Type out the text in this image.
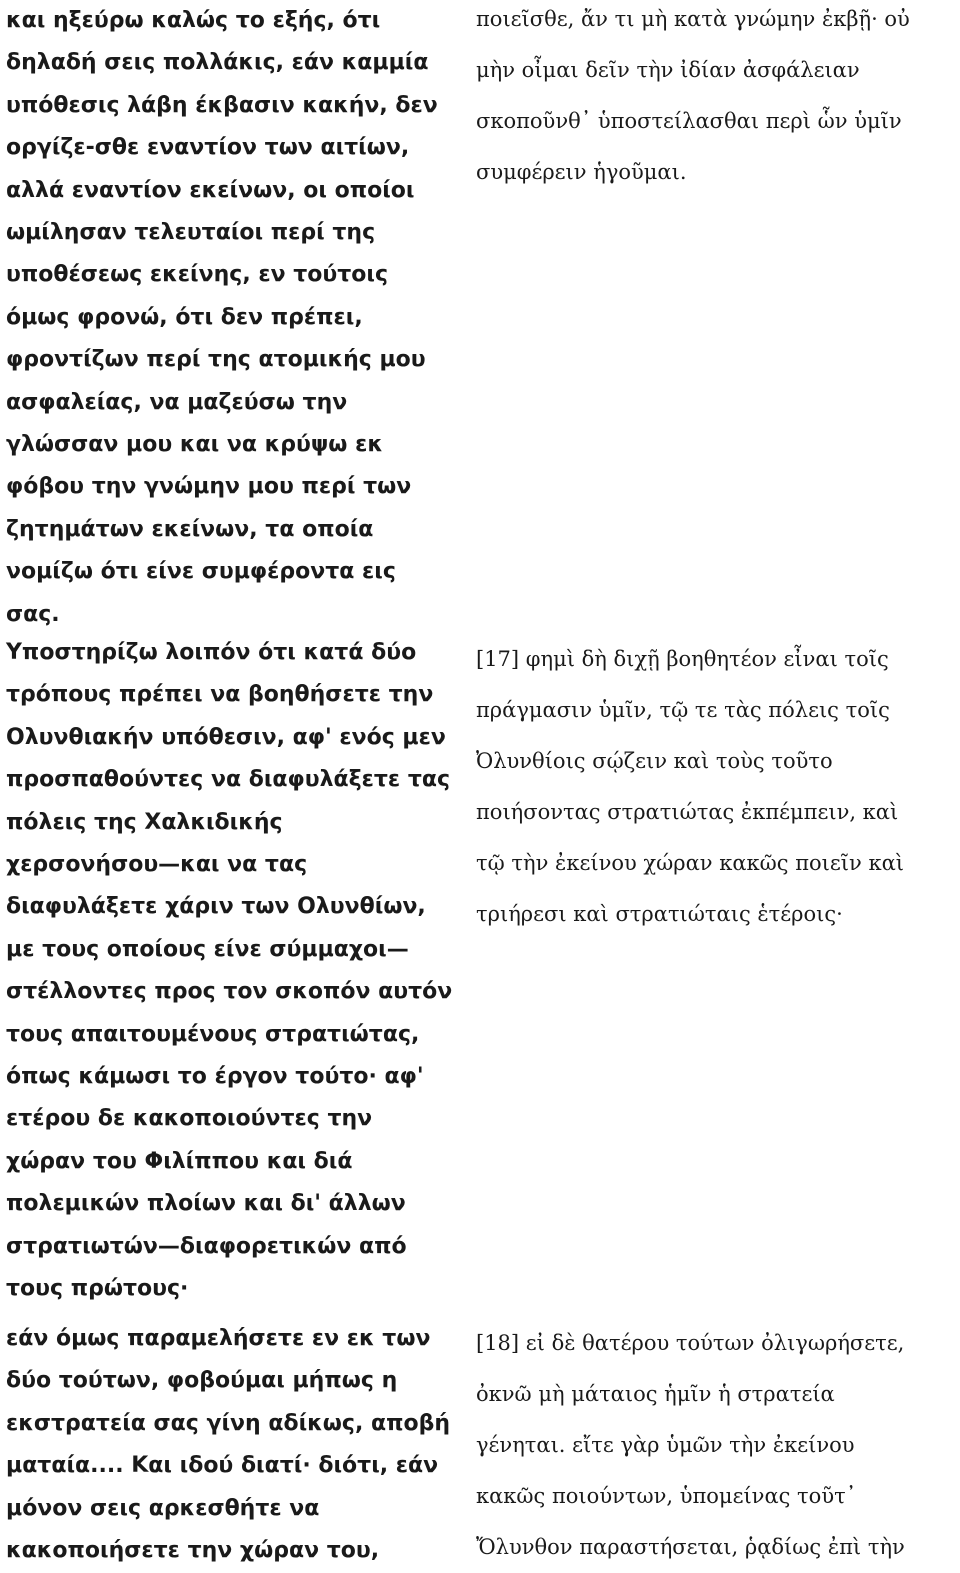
και ηξεύρω καλώς το εξής, ότι
δηλαδή σεις πολλάκις, εάν καμμία
υπόθεσις λάβη έκβασιν κακήν, δεν
οργίζε-σθε εναντίον των αιτίων,
αλλά εναντίον εκείνων, οι οποίοι
ωμίλησαν τελευταίοι περί της
υποθέσεως εκείνης, εν τούτοις
όμως φρονώ, ότι δεν πρέπει,
φροντίζων περί της ατομικής μου
ασφαλείας, να μαζεύσω την
γλώσσαν μου και να κρύψω εκ
φόβου την γνώμην μου περί των
ζητημάτων εκείνων, τα οποία
νομίζω ότι είνε συμφέροντα εις
σας.
ποιεῖσθε, ἄν τι μὴ κατὰ γνώμην ἐκβῇ· οὐ
μὴν οἶμαι δεῖν τὴν ἰδίαν ἀσφάλειαν
σκοποῦνθ᾽ ὑποστείλασθαι περὶ ὧν ὑμῖν
συμφέρειν ἡγοῦμαι.
Υποστηρίζω λοιπόν ότι κατά δύο
τρόπους πρέπει να βοηθήσετε την
Ολυνθιακήν υπόθεσιν, αφ' ενός μεν
προσπαθούντες να διαφυλάξετε τας
πόλεις της Χαλκιδικής
χερσονήσου—και να τας
διαφυλάξετε χάριν των Ολυνθίων,
με τους οποίους είνε σύμμαχοι—
στέλλοντες προς τον σκοπόν αυτόν
τους απαιτουμένους στρατιώτας,
όπως κάμωσι το έργον τούτο· αφ'
ετέρου δε κακοποιούντες την
χώραν του Φιλίππου και διά
πολεμικών πλοίων και δι' άλλων
στρατιωτών—διαφορετικών από
τους πρώτους·
[17] φημὶ δὴ διχῇ βοηθητέον εἶναι τοῖς
πράγμασιν ὑμῖν, τῷ τε τὰς πόλεις τοῖς
Ὀλυνθίοις σῴζειν καὶ τοὺς τοῦτο
ποιήσοντας στρατιώτας ἐκπέμπειν, καὶ
τῷ τὴν ἐκείνου χώραν κακῶς ποιεῖν καὶ
τριήρεσι καὶ στρατιώταις ἑτέροις·
εάν όμως παραμελήσετε εν εκ των
δύο τούτων, φοβούμαι μήπως η
εκστρατεία σας γίνη αδίκως, αποβή
ματαία.... Και ιδού διατί· διότι, εάν
μόνον σεις αρκεσθήτε να
κακοποιήσετε την χώραν του,
[18] εἰ δὲ θατέρου τούτων ὀλιγωρήσετε,
ὀκνῶ μὴ μάταιος ἡμῖν ἡ στρατεία
γένηται. εἴτε γὰρ ὑμῶν τὴν ἐκείνου
κακῶς ποιούντων, ὑπομείνας τοῦτ᾽
Ὄλυνθον παραστήσεται, ῥᾳδίως ἐπὶ τὴν
